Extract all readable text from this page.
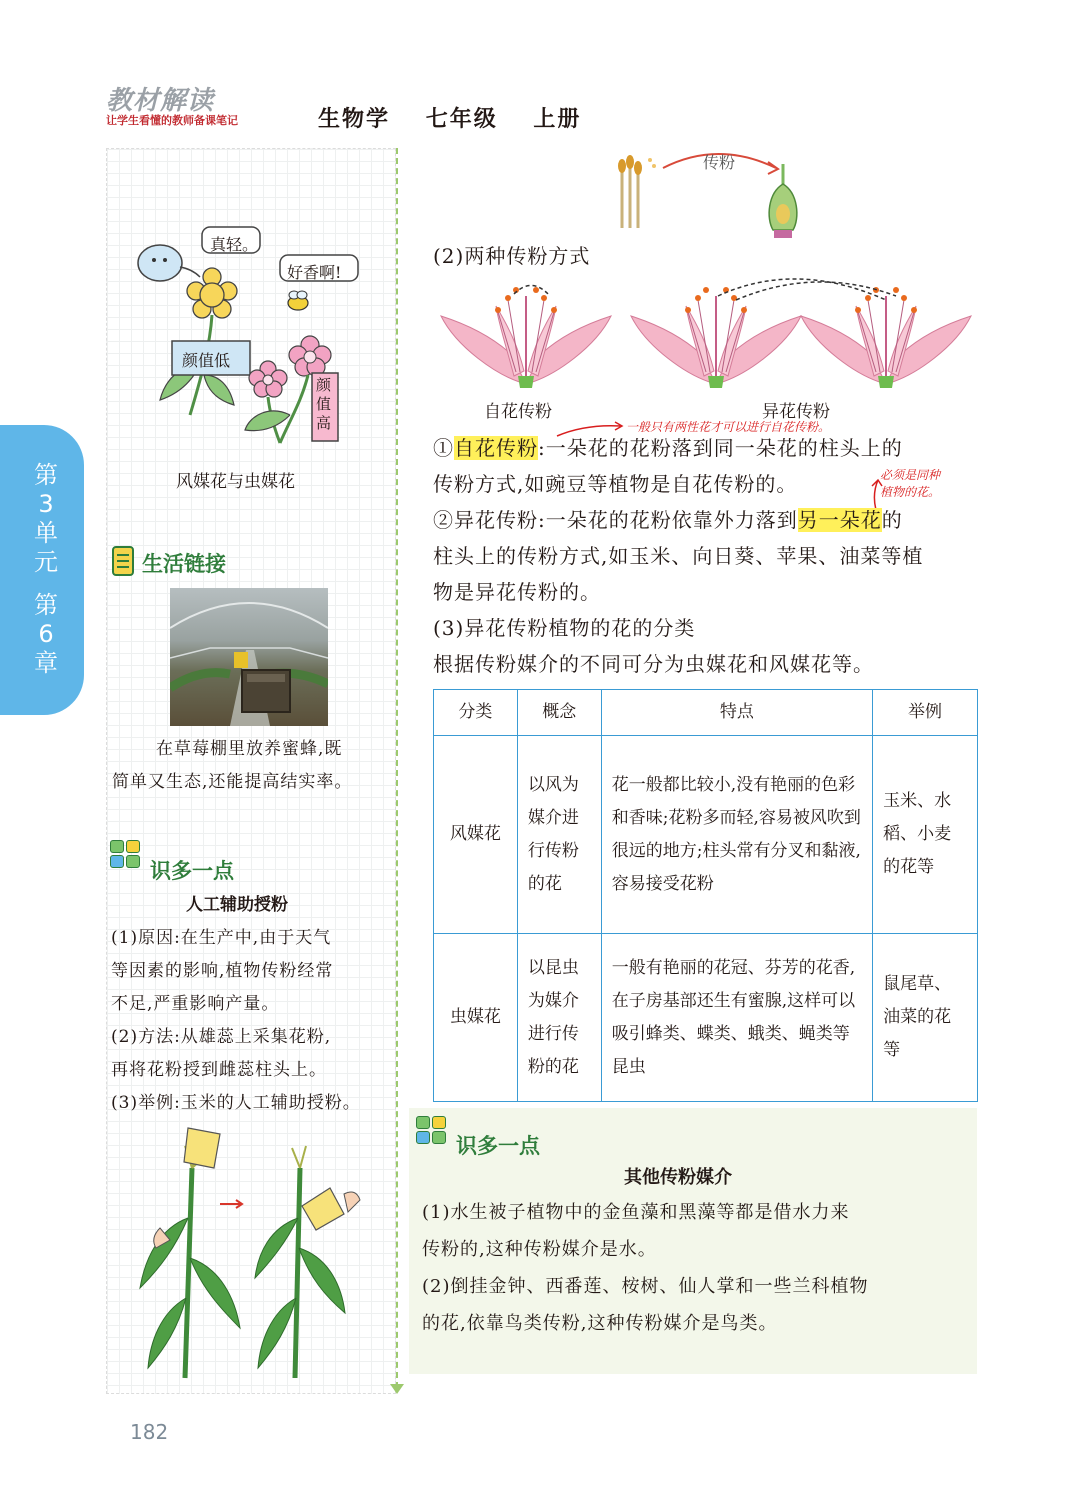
教材解读
让学生看懂的教师备课笔记	生物学 七年级 上册
第
3
单
元
第
6
章
真轻。
好香啊!
颜值低
颜值高
风媒花与虫媒花
生活链接
在草莓棚里放养蜜蜂,既
简单又生态,还能提高结实率。
识多一点
人工辅助授粉
(1)原因:在生产中,由于天气
等因素的影响,植物传粉经常
不足,严重影响产量。
(2)方法:从雄蕊上采集花粉,
再将花粉授到雌蕊柱头上。
(3)举例:玉米的人工辅助授粉。
传粉
(2)两种传粉方式
自花传粉	异花传粉
一般只有两性花才可以进行自花传粉。
必须是同种
植物的花。
①自花传粉:一朵花的花粉落到同一朵花的柱头上的
传粉方式,如豌豆等植物是自花传粉的。
②异花传粉:一朵花的花粉依靠外力落到另一朵花的
柱头上的传粉方式,如玉米、向日葵、苹果、油菜等植
物是异花传粉的。
(3)异花传粉植物的花的分类
根据传粉媒介的不同可分为虫媒花和风媒花等。
分类	概念	特点	举例
风媒花	以风为媒介进行传粉的花	花一般都比较小,没有艳丽的色彩和香味;花粉多而轻,容易被风吹到很远的地方;柱头常有分叉和黏液,容易接受花粉	玉米、水稻、小麦的花等
虫媒花	以昆虫为媒介进行传粉的花	一般有艳丽的花冠、芬芳的花香,在子房基部还生有蜜腺,这样可以吸引蜂类、蝶类、蛾类、蝇类等昆虫	鼠尾草、油菜的花等
识多一点
其他传粉媒介
(1)水生被子植物中的金鱼藻和黑藻等都是借水力来
传粉的,这种传粉媒介是水。
(2)倒挂金钟、西番莲、桉树、仙人掌和一些兰科植物
的花,依靠鸟类传粉,这种传粉媒介是鸟类。
182
